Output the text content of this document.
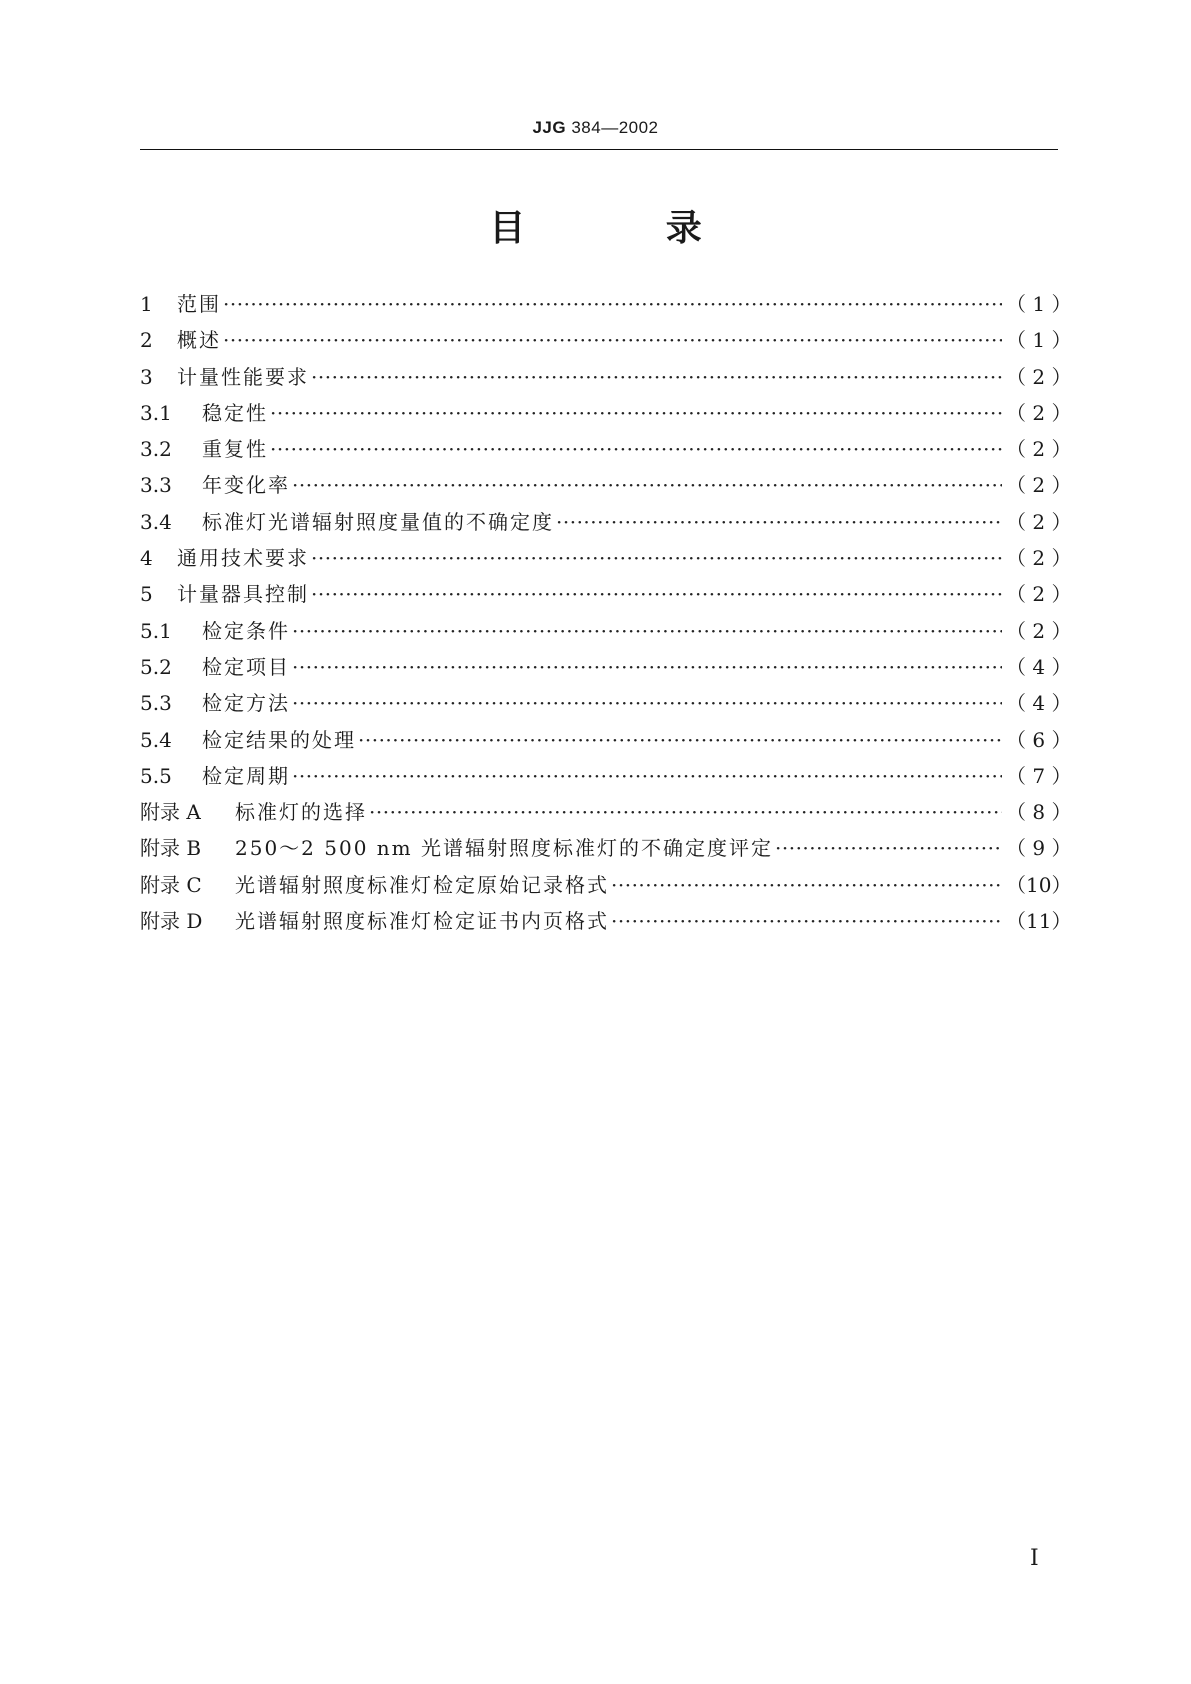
JJG 384—2002
目 录
1	范围 ·····	（ 1 ）
2	概述 ·····	（ 1 ）
3	计量性能要求 ·····	（ 2 ）
3.1	稳定性 ·····	（ 2 ）
3.2	重复性 ·····	（ 2 ）
3.3	年变化率 ·····	（ 2 ）
3.4	标准灯光谱辐射照度量值的不确定度 ·····	（ 2 ）
4	通用技术要求 ·····	（ 2 ）
5	计量器具控制 ·····	（ 2 ）
5.1	检定条件 ·····	（ 2 ）
5.2	检定项目 ·····	（ 4 ）
5.3	检定方法 ·····	（ 4 ）
5.4	检定结果的处理 ·····	（ 6 ）
5.5	检定周期 ·····	（ 7 ）
附录 A	标准灯的选择 ·····	（ 8 ）
附录 B	250～2 500 nm 光谱辐射照度标准灯的不确定度评定 ·····	（ 9 ）
附录 C	光谱辐射照度标准灯检定原始记录格式 ·····	（10）
附录 D	光谱辐射照度标准灯检定证书内页格式 ·····	（11）
I
